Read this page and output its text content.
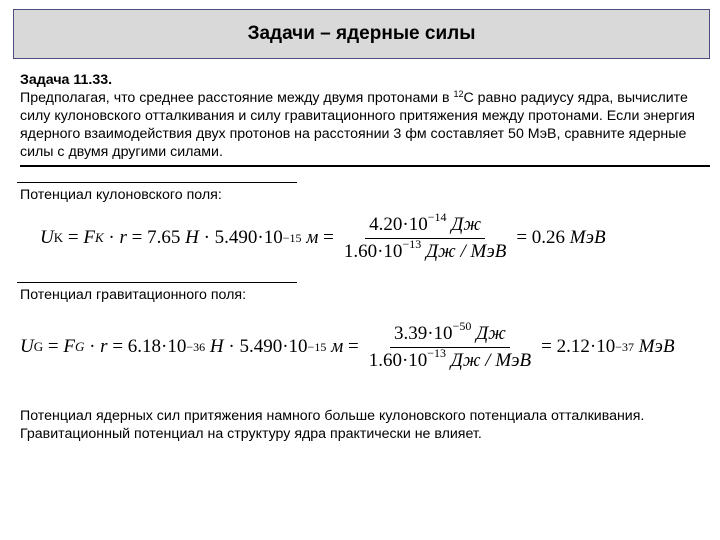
Задачи – ядерные силы
Задача 11.33.
Предполагая, что среднее расстояние между двумя протонами в $^{12}$С равно радиусу ядра, вычислите силу кулоновского отталкивания и силу гравитационного притяжения между протонами. Если энергия ядерного взаимодействия двух протонов на расстоянии 3 фм составляет 50 МэВ, сравните ядерные силы с двумя другими силами.
Потенциал кулоновского поля:
U K = F K · r = 7.65
H · 5.490·10 −15
$м = \frac{4.20\cdot 10^{-14} Дж}{1.60\cdot 10^{-13} Дж / МэВ} = 0.26$
МэВ
Потенциал гравитационного поля:
U G = F G · r = 6.18·10 −36
H · 5.490·10 −15
$м = \frac{3.39\cdot 10^{-50} Дж}{1.60\cdot 10^{-13} Дж / МэВ} = 2.12\cdot 10 -37$
МэВ
Потенциал ядерных сил притяжения намного больше кулоновского потенциала отталкивания. Гравитационный потенциал на структуру ядра практически не влияет.
